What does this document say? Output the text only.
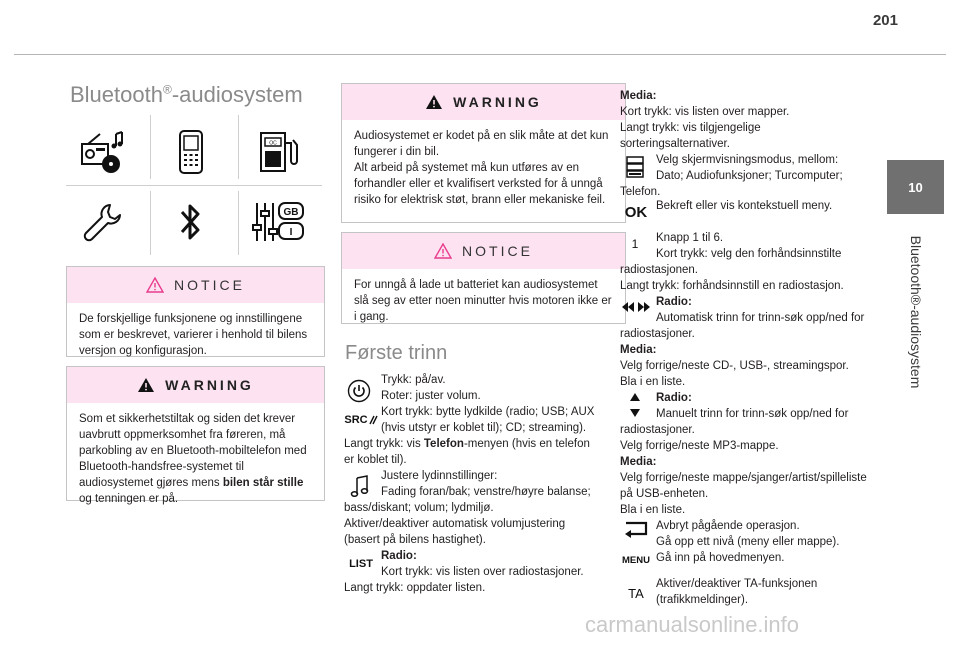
201
10
Bluetooth®-audiosystem
Bluetooth®-audiosystem
OC
GB
I
NOTICE
De forskjellige funksjonene og innstillingene som er beskrevet, varierer i henhold til bilens versjon og konfigurasjon.
WARNING
Som et sikkerhetstiltak og siden det krever uavbrutt oppmerksomhet fra føreren, må parkobling av en Bluetooth-mobiltelefon med Bluetooth-handsfree-systemet til audiosystemet gjøres mens bilen står stille og tenningen er på.
WARNING
Audiosystemet er kodet på en slik måte at det kun fungerer i din bil.
Alt arbeid på systemet må kun utføres av en forhandler eller et kvalifisert verksted for å unngå risiko for elektrisk støt, brann eller mekaniske feil.
NOTICE
For unngå å lade ut batteriet kan audiosystemet slå seg av etter noen minutter hvis motoren ikke er i gang.
Første trinn
Trykk: på/av.
Roter: juster volum.
SRC
Kort trykk: bytte lydkilde (radio; USB; AUX
(hvis utstyr er koblet til); CD; streaming).
Langt trykk: vis Telefon-menyen (hvis en telefon
er koblet til).
Justere lydinnstillinger:
Fading foran/bak; venstre/høyre balanse;
bass/diskant; volum; lydmiljø.
Aktiver/deaktiver automatisk volumjustering
(basert på bilens hastighet).
LIST
Radio:
Kort trykk: vis listen over radiostasjoner.
Langt trykk: oppdater listen.
Media:
Kort trykk: vis listen over mapper.
Langt trykk: vis tilgjengelige
sorteringsalternativer.
Velg skjermvisningsmodus, mellom:
Dato; Audiofunksjoner; Turcomputer;
Telefon.
OK Bekreft eller vis kontekstuell meny.
1	Knapp 1 til 6.
Kort trykk: velg den forhåndsinnstilte
radiostasjonen.
Langt trykk: forhåndsinnstill en radiostasjon.
Radio:
Automatisk trinn for trinn-søk opp/ned for
radiostasjoner.
Media:
Velg forrige/neste CD-, USB-, streamingspor.
Bla i en liste.
Radio:
Manuelt trinn for trinn-søk opp/ned for
radiostasjoner.
Velg forrige/neste MP3-mappe.
Media:
Velg forrige/neste mappe/sjanger/artist/spilleliste
på USB-enheten.
Bla i en liste.
Avbryt pågående operasjon.
Gå opp ett nivå (meny eller mappe).
MENU Gå inn på hovedmenyen.
TA
Aktiver/deaktiver TA-funksjonen
(trafikkmeldinger).
carmanualsonline.info
